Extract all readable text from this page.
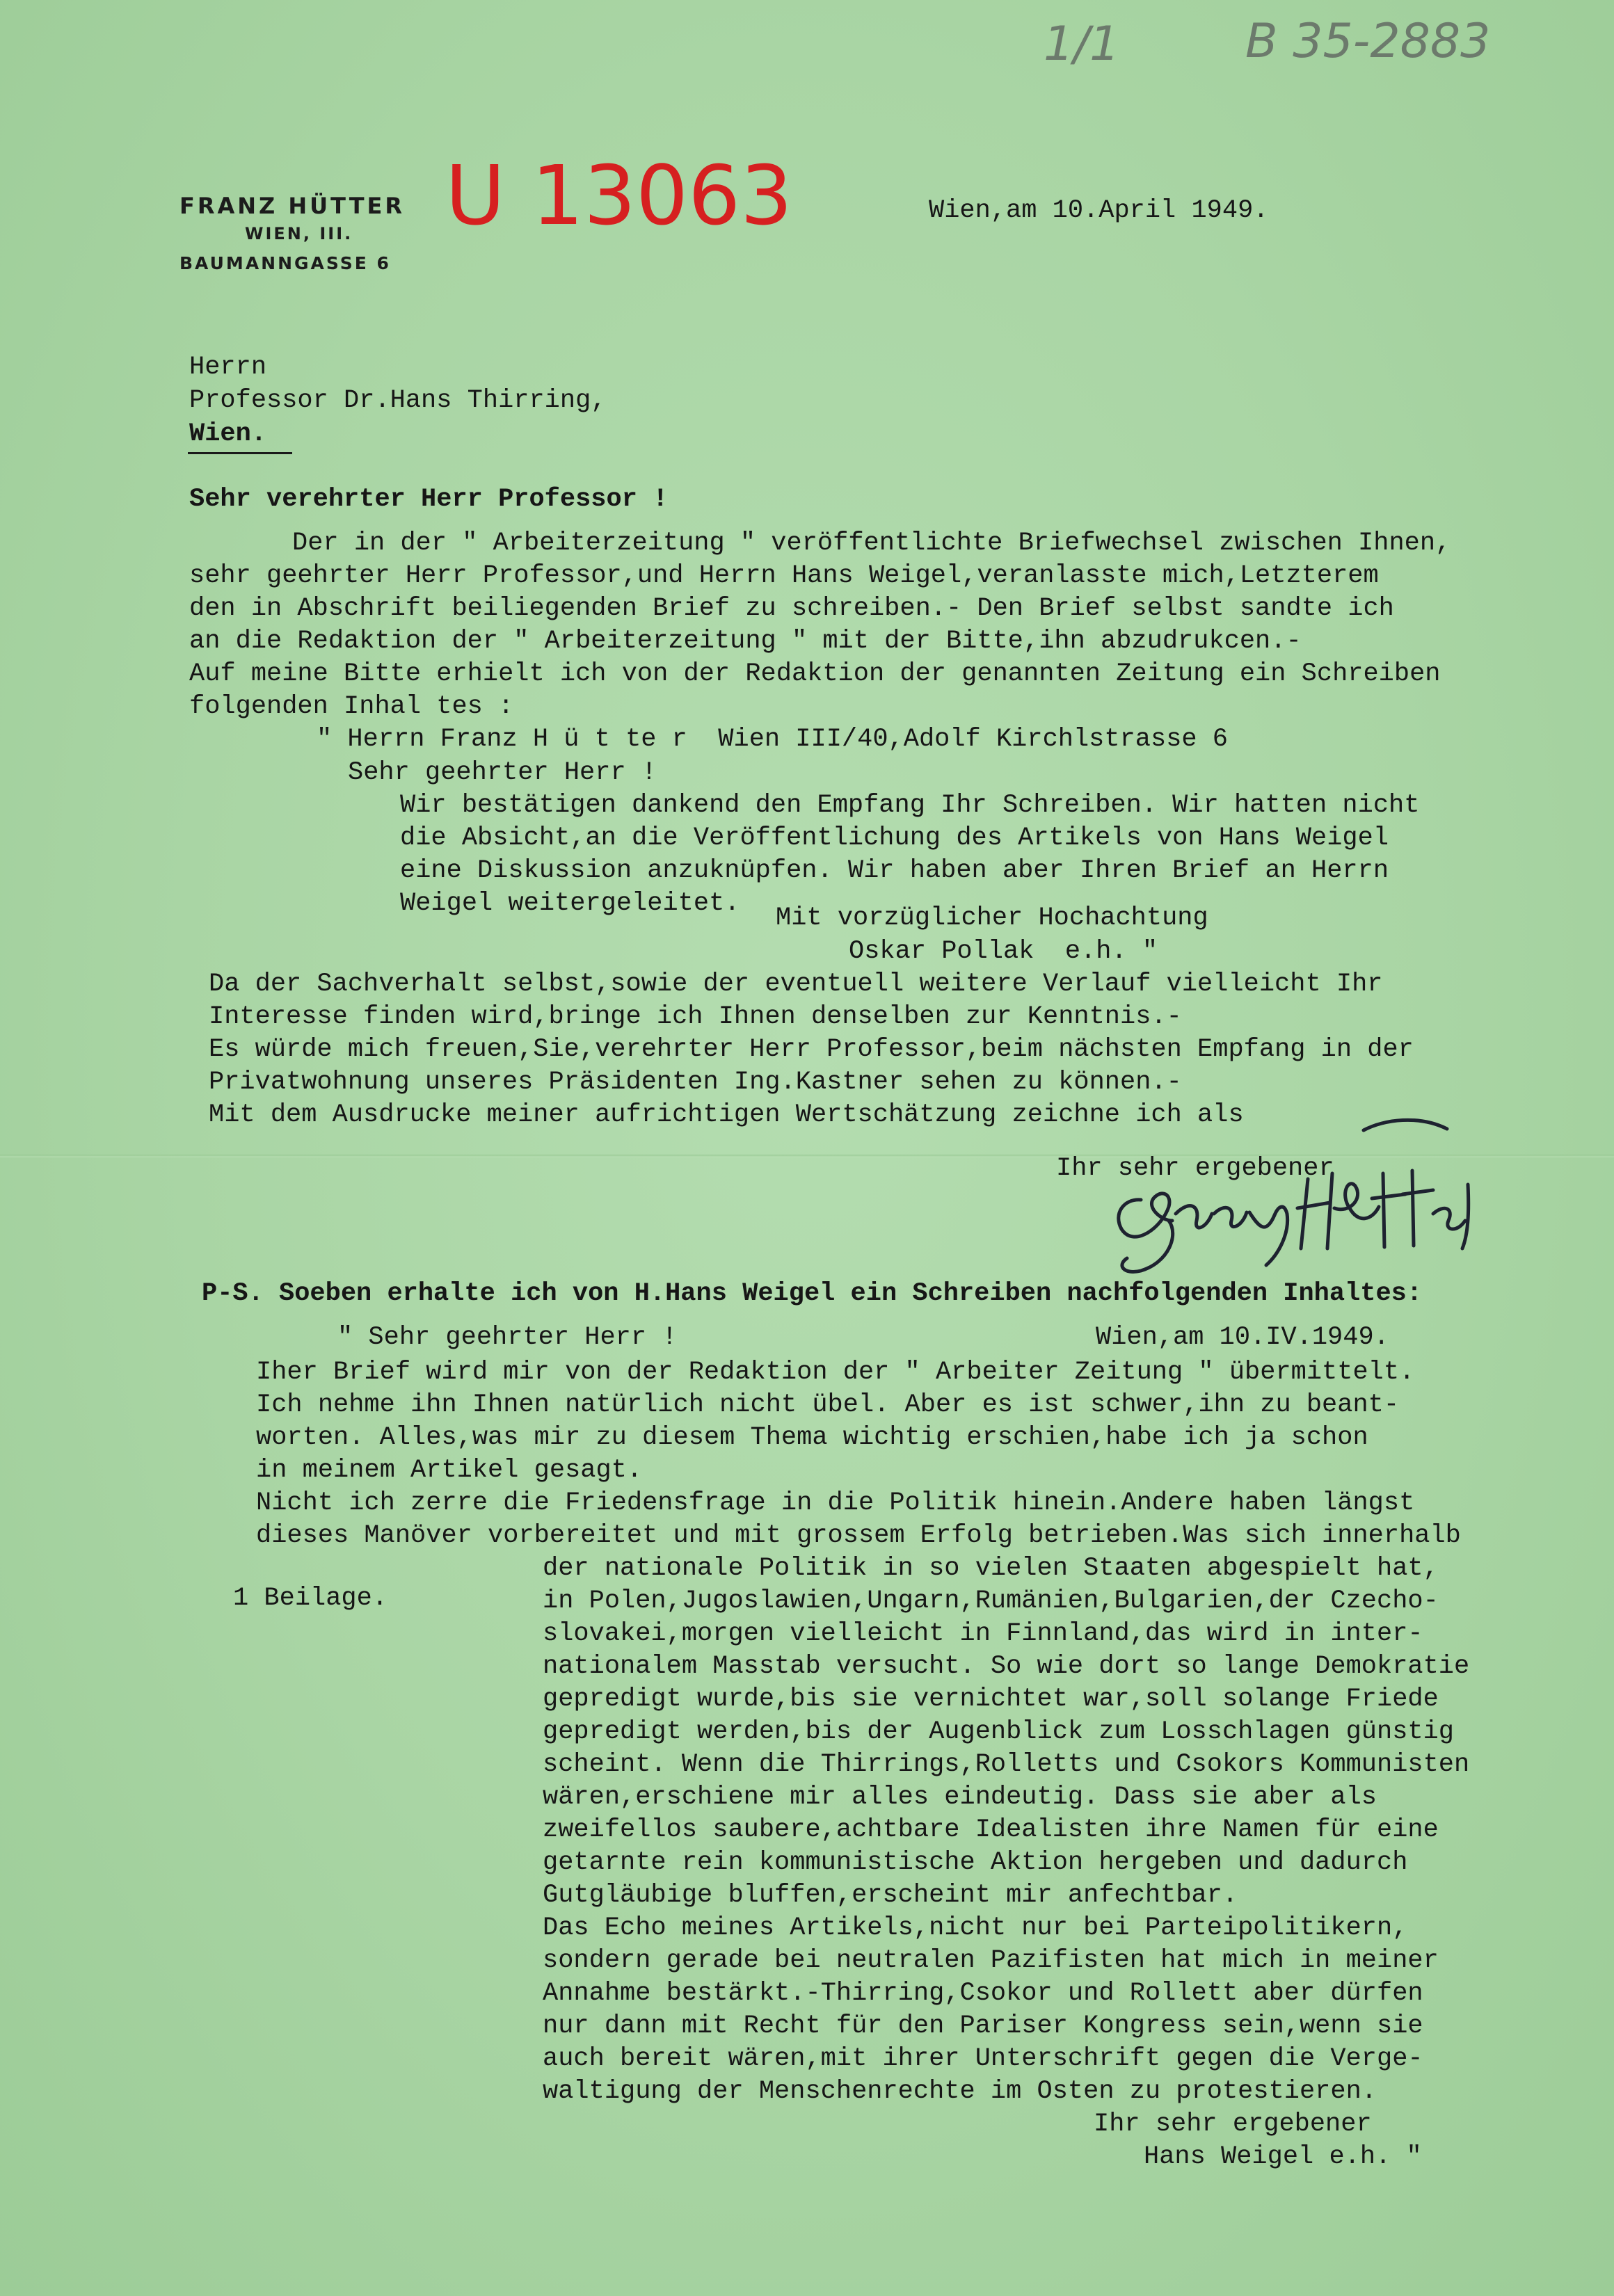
1/1	B 35-2883
U 13063
FRANZ HÜTTER
WIEN, III.
BAUMANNGASSE 6
Wien,am 10.April 1949.
Herrn
Professor Dr.Hans Thirring,
Wien.
Sehr verehrter Herr Professor !
Der in der " Arbeiterzeitung " veröffentlichte Briefwechsel zwischen Ihnen,
sehr geehrter Herr Professor,und Herrn Hans Weigel,veranlasste mich,Letzterem
den in Abschrift beiliegenden Brief zu schreiben.- Den Brief selbst sandte ich
an die Redaktion der " Arbeiterzeitung " mit der Bitte,ihn abzudrukcen.-
Auf meine Bitte erhielt ich von der Redaktion der genannten Zeitung ein Schreiben
folgenden Inhal tes :
" Herrn Franz H ü t te r  Wien III/40,Adolf Kirchlstrasse 6
Sehr geehrter Herr !
Wir bestätigen dankend den Empfang Ihr Schreiben. Wir hatten nicht
die Absicht,an die Veröffentlichung des Artikels von Hans Weigel
eine Diskussion anzuknüpfen. Wir haben aber Ihren Brief an Herrn
Weigel weitergeleitet. Mit vorzüglicher Hochachtung
Oskar Pollak  e.h. "
Da der Sachverhalt selbst,sowie der eventuell weitere Verlauf vielleicht Ihr
Interesse finden wird,bringe ich Ihnen denselben zur Kenntnis.-
Es würde mich freuen,Sie,verehrter Herr Professor,beim nächsten Empfang in der
Privatwohnung unseres Präsidenten Ing.Kastner sehen zu können.-
Mit dem Ausdrucke meiner aufrichtigen Wertschätzung zeichne ich als
Ihr sehr ergebener
P-S. Soeben erhalte ich von H.Hans Weigel ein Schreiben nachfolgenden Inhaltes:
" Sehr geehrter Herr !	Wien,am 10.IV.1949.
Iher Brief wird mir von der Redaktion der " Arbeiter Zeitung " übermittelt.
Ich nehme ihn Ihnen natürlich nicht übel. Aber es ist schwer,ihn zu beant-
worten. Alles,was mir zu diesem Thema wichtig erschien,habe ich ja schon
in meinem Artikel gesagt.
Nicht ich zerre die Friedensfrage in die Politik hinein.Andere haben längst
dieses Manöver vorbereitet und mit grossem Erfolg betrieben.Was sich innerhalb
1 Beilage.
der nationale Politik in so vielen Staaten abgespielt hat,
in Polen,Jugoslawien,Ungarn,Rumänien,Bulgarien,der Czecho-
slovakei,morgen vielleicht in Finnland,das wird in inter-
nationalem Masstab versucht. So wie dort so lange Demokratie
gepredigt wurde,bis sie vernichtet war,soll solange Friede
gepredigt werden,bis der Augenblick zum Losschlagen günstig
scheint. Wenn die Thirrings,Rolletts und Csokors Kommunisten
wären,erschiene mir alles eindeutig. Dass sie aber als
zweifellos saubere,achtbare Idealisten ihre Namen für eine
getarnte rein kommunistische Aktion hergeben und dadurch
Gutgläubige bluffen,erscheint mir anfechtbar.
Das Echo meines Artikels,nicht nur bei Parteipolitikern,
sondern gerade bei neutralen Pazifisten hat mich in meiner
Annahme bestärkt.-Thirring,Csokor und Rollett aber dürfen
nur dann mit Recht für den Pariser Kongress sein,wenn sie
auch bereit wären,mit ihrer Unterschrift gegen die Verge-
waltigung der Menschenrechte im Osten zu protestieren.
Ihr sehr ergebener
Hans Weigel e.h. "
